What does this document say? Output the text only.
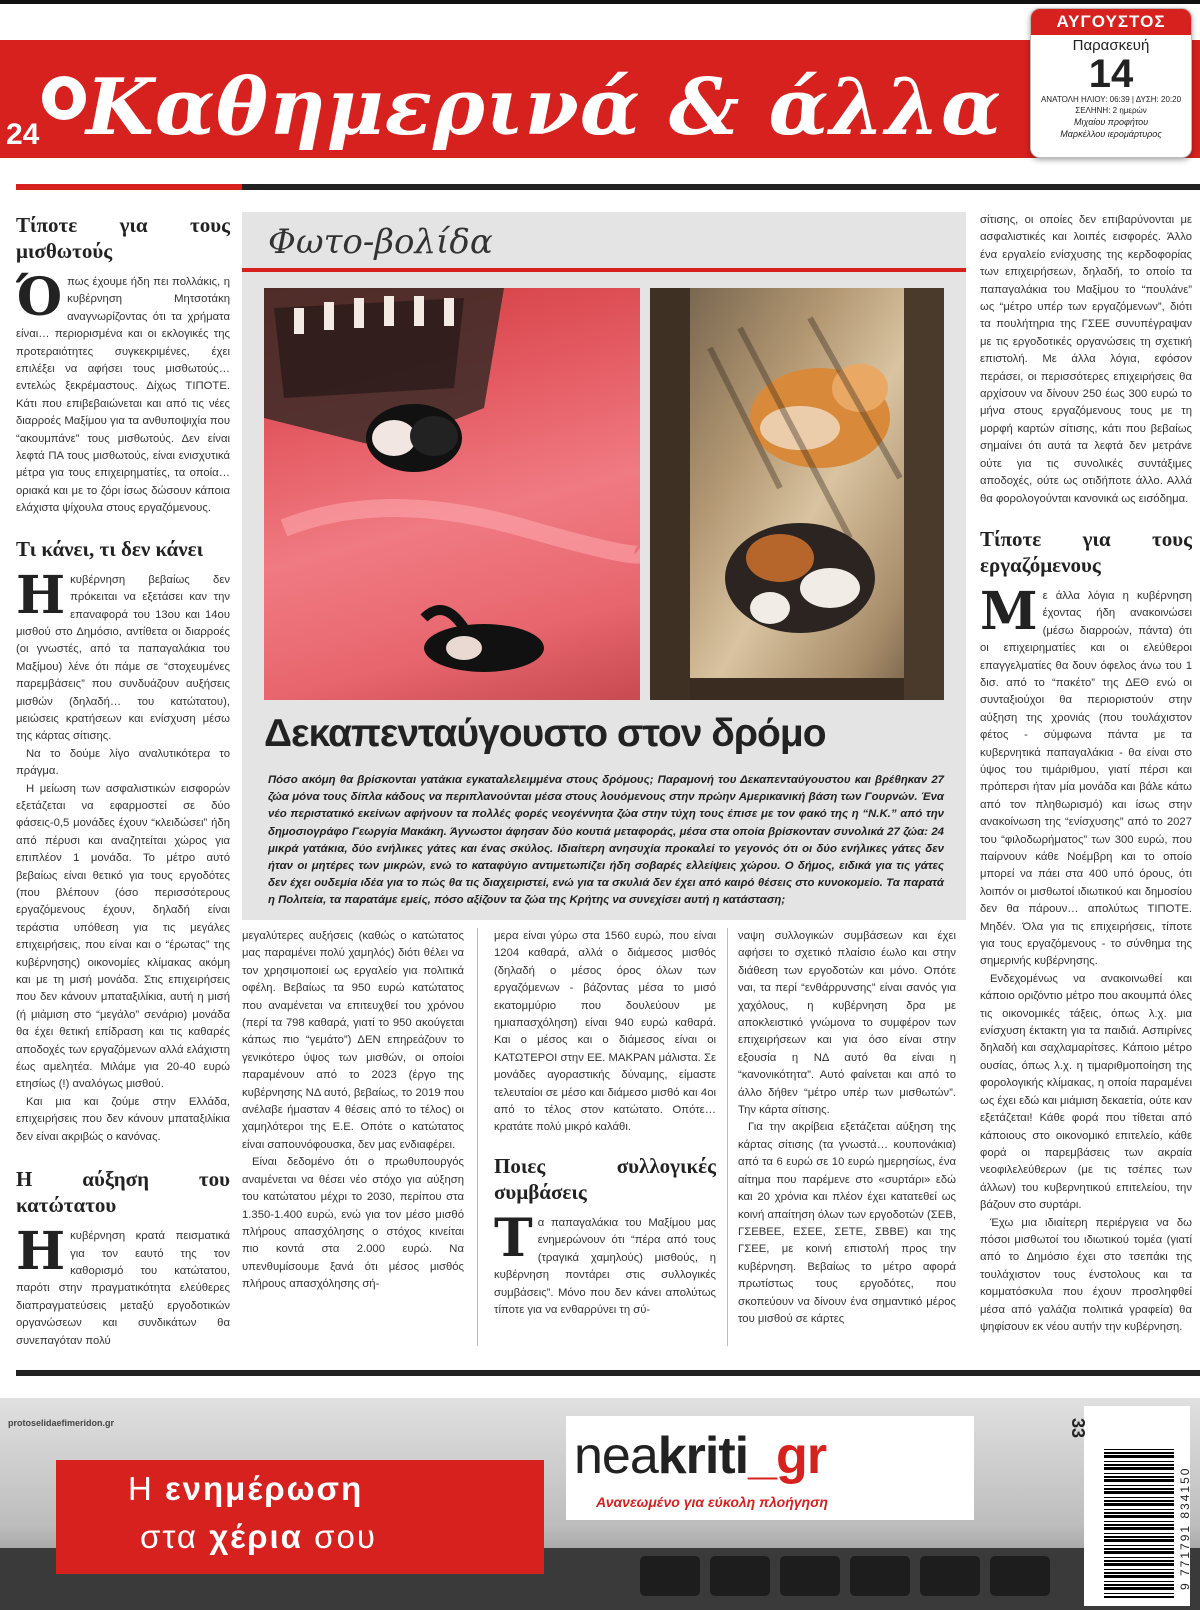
24 Καθημερινά & άλλα
ΑΥΓΟΥΣΤΟΣ
Παρασκευή
14
ΑΝΑΤΟΛΗ ΗΛΙΟΥ: 06:39 | ΔΥΣΗ: 20:20
ΣΕΛΗΝΗ: 2 ημερών
Μιχαίου προφήτου
Μαρκέλλου ιερομάρτυρος
Τίποτε για τους μισθωτούς

Όπως έχουμε ήδη πει πολλάκις, η κυβέρνηση Μητσοτάκη αναγνωρίζοντας ότι τα χρήματα είναι… περιορισμένα και οι εκλογικές της προτεραιότητες συγκεκριμένες, έχει επιλέξει να αφήσει τους μισθωτούς… εντελώς ξεκρέμαστους. Δίχως ΤΙΠΟΤΕ. Κάτι που επιβεβαιώνεται και από τις νέες διαρροές Μαξίμου για τα ανθυποψιχία που “ακουμπάνε” τους μισθωτούς. Δεν είναι λεφτά ΠΑ τους μισθωτούς, είναι ενισχυτικά μέτρα για τους επιχειρηματίες, τα οποία… οριακά και με το ζόρι ίσως δώσουν κάποια ελάχιστα ψίχουλα στους εργαζόμενους.

Τι κάνει, τι δεν κάνει

Ηκυβέρνηση βεβαίως δεν πρόκειται να εξετάσει καν την επαναφορά του 13ου και 14ου μισθού στο Δημόσιο, αντίθετα οι διαρροές (οι γνωστές, από τα παπαγαλάκια του Μαξίμου) λένε ότι πάμε σε “στοχευμένες παρεμβάσεις” που συνδυάζουν αυξήσεις μισθών (δηλαδή… του κατώτατου), μειώσεις κρατήσεων και ενίσχυση μέσω της κάρτας σίτισης.

Να το δούμε λίγο αναλυτικότερα το πράγμα.

Η μείωση των ασφαλιστικών εισφορών εξετάζεται να εφαρμοστεί σε δύο φάσεις-0,5 μονάδες έχουν “κλειδώσει” ήδη από πέρυσι και αναζητείται χώρος για επιπλέον 1 μονάδα. Το μέτρο αυτό βεβαίως είναι θετικό για τους εργοδότες (που βλέπουν (όσο περισσότερους εργαζόμενους έχουν, δηλαδή είναι τεράστια υπόθεση για τις μεγάλες επιχειρήσεις, που είναι και ο “έρωτας” της κυβέρνησης) οικονομίες κλίμακας ακόμη και με τη μισή μονάδα. Στις επιχειρήσεις που δεν κάνουν μπαταξιλίκια, αυτή η μισή (ή μιάμιση στο “μεγάλο” σενάριο) μονάδα θα έχει θετική επίδραση και τις καθαρές αποδοχές των εργαζόμενων αλλά ελάχιστη έως αμελητέα. Μιλάμε για 20-40 ευρώ ετησίως (!) αναλόγως μισθού.

Και μια και ζούμε στην Ελλάδα, επιχειρήσεις που δεν κάνουν μπαταξιλίκια δεν είναι ακριβώς ο κανόνας.

Η αύξηση του κατώτατου

Ηκυβέρνηση κρατά πεισματικά για τον εαυτό της τον καθορισμό του κατώτατου, παρότι στην πραγματικότητα ελεύθερες διαπραγματεύσεις μεταξύ εργοδοτικών οργανώσεων και συνδικάτων θα συνεπαγόταν πολύ

Φωτο-βολίδα
Δεκαπενταύγουστο στον δρόμο
Πόσο ακόμη θα βρίσκονται γατάκια εγκαταλελειμμένα στους δρόμους; Παραμονή του Δεκαπενταύγουστου και βρέθηκαν 27 ζώα μόνα τους δίπλα κάδους να περιπλανούνται μέσα στους λουόμενους στην πρώην Αμερικανική βάση των Γουρνών. Ένα νέο περιστατικό εκείνων αφήνουν τα πολλές φορές νεογέννητα ζώα στην τύχη τους έπισε με τον φακό της η “Ν.Κ.” από την δημοσιογράφο Γεωργία Μακάκη. Άγνωστοι άφησαν δύο κουτιά μεταφοράς, μέσα στα οποία βρίσκονταν συνολικά 27 ζώα: 24 μικρά γατάκια, δύο ενήλικες γάτες και ένας σκύλος. Ιδιαίτερη ανησυχία προκαλεί το γεγονός ότι οι δύο ενήλικες γάτες δεν ήταν οι μητέρες των μικρών, ενώ το καταφύγιο αντιμετωπίζει ήδη σοβαρές ελλείψεις χώρου. Ο δήμος, ειδικά για τις γάτες δεν έχει ουδεμία ιδέα για το πώς θα τις διαχειριστεί, ενώ για τα σκυλιά δεν έχει από καιρό θέσεις στο κυνοκομείο. Τα παρατά η Πολιτεία, τα παρατάμε εμείς, πόσο αξίζουν τα ζώα της Κρήτης να συνεχίσει αυτή η κατάσταση;

μεγαλύτερες αυξήσεις (καθώς ο κατώτατος μας παραμένει πολύ χαμηλός) διότι θέλει να τον χρησιμοποιεί ως εργαλείο για πολιτικά οφέλη. Βεβαίως τα 950 ευρώ κατώτατος που αναμένεται να επιτευχθεί του χρόνου (περί τα 798 καθαρά, γιατί το 950 ακούγεται κάπως πιο “γεμάτο”) ΔΕΝ επηρεάζουν το γενικότερο ύψος των μισθών, οι οποίοι παραμένουν από το 2023 (έργο της κυβέρνησης ΝΔ αυτό, βεβαίως, το 2019 που ανέλαβε ήμασταν 4 θέσεις από το τέλος) οι χαμηλότεροι της Ε.Ε. Οπότε ο κατώτατος είναι σαπουνόφουσκα, δεν μας ενδιαφέρει.

Είναι δεδομένο ότι ο πρωθυπουργός αναμένεται να θέσει νέο στόχο για αύξηση του κατώτατου μέχρι το 2030, περίπου στα 1.350-1.400 ευρώ, ενώ για τον μέσο μισθό πλήρους απασχόλησης ο στόχος κινείται πιο κοντά στα 2.000 ευρώ. Να υπενθυμίσουμε ξανά ότι μέσος μισθός πλήρους απασχόλησης σή-

μερα είναι γύρω στα 1560 ευρώ, που είναι 1204 καθαρά, αλλά ο διάμεσος μισθός (δηλαδή ο μέσος όρος όλων των εργαζόμενων - βάζοντας μέσα το μισό εκατομμύριο που δουλεύουν με ημιαπασχόληση) είναι 940 ευρώ καθαρά. Και ο μέσος και ο διάμεσος είναι οι ΚΑΤΩΤΕΡΟΙ στην ΕΕ. ΜΑΚΡΑΝ μάλιστα. Σε μονάδες αγοραστικής δύναμης, είμαστε τελευταίοι σε μέσο και διάμεσο μισθό και 4οι από το τέλος στον κατώτατο. Οπότε… κρατάτε πολύ μικρό καλάθι.

Ποιες συλλογικές συμβάσεις

Τα παπαγαλάκια του Μαξίμου μας ενημερώνουν ότι “πέρα από τους (τραγικά χαμηλούς) μισθούς, η κυβέρνηση ποντάρει στις συλλογικές συμβάσεις”. Μόνο που δεν κάνει απολύτως τίποτε για να ενθαρρύνει τη σύ-

ναψη συλλογικών συμβάσεων και έχει αφήσει το σχετικό πλαίσιο έωλο και στην διάθεση των εργοδοτών και μόνο. Οπότε ναι, τα περί “ενθάρρυνσης” είναι σανός για χαχόλους, η κυβέρνηση δρα με αποκλειστικό γνώμονα το συμφέρον των επιχειρήσεων και για όσο είναι στην εξουσία η ΝΔ αυτό θα είναι η “κανονικότητα”. Αυτό φαίνεται και από το άλλο δήθεν “μέτρο υπέρ των μισθωτών”. Την κάρτα σίτισης.

Για την ακρίβεια εξετάζεται αύξηση της κάρτας σίτισης (τα γνωστά… κουπονάκια) από τα 6 ευρώ σε 10 ευρώ ημερησίως, ένα αίτημα που παρέμενε στο «συρτάρι» εδώ και 20 χρόνια και πλέον έχει κατατεθεί ως κοινή απαίτηση όλων των εργοδοτών (ΣΕΒ, ΓΣΕΒΕΕ, ΕΣΕΕ, ΣΕΤΕ, ΣΒΒΕ) και της ΓΣΕΕ, με κοινή επιστολή προς την κυβέρνηση. Βεβαίως το μέτρο αφορά πρωτίστως τους εργοδότες, που σκοπεύουν να δίνουν ένα σημαντικό μέρος του μισθού σε κάρτες

σίτισης, οι οποίες δεν επιβαρύνονται με ασφαλιστικές και λοιπές εισφορές. Άλλο ένα εργαλείο ενίσχυσης της κερδοφορίας των επιχειρήσεων, δηλαδή, το οποίο τα παπαγαλάκια του Μαξίμου το “πουλάνε” ως “μέτρο υπέρ των εργαζόμενων”, διότι τα πουλήτηρια της ΓΣΕΕ συνυπέγραψαν με τις εργοδοτικές οργανώσεις τη σχετική επιστολή. Με άλλα λόγια, εφόσον περάσει, οι περισσότερες επιχειρήσεις θα αρχίσουν να δίνουν 250 έως 300 ευρώ το μήνα στους εργαζόμενους τους με τη μορφή καρτών σίτισης, κάτι που βεβαίως σημαίνει ότι αυτά τα λεφτά δεν μετράνε ούτε για τις συνολικές συντάξιμες αποδοχές, ούτε ως οτιδήποτε άλλο. Αλλά θα φορολογούνται κανονικά ως εισόδημα.

Τίποτε για τους εργαζόμενους

Με άλλα λόγια η κυβέρνηση έχοντας ήδη ανακοινώσει (μέσω διαρροών, πάντα) ότι οι επιχειρηματίες και οι ελεύθεροι επαγγελματίες θα δουν όφελος άνω του 1 δισ. από το “πακέτο” της ΔΕΘ ενώ οι συνταξιούχοι θα περιοριστούν στην αύξηση της χρονιάς (που τουλάχιστον φέτος - σύμφωνα πάντα με τα κυβερνητικά παπαγαλάκια - θα είναι στο ύψος του τιμάριθμου, γιατί πέρσι και πρόπερσι ήταν μία μονάδα και βάλε κάτω από τον πληθωρισμό) και ίσως στην ανακοίνωση της “ενίσχυσης” από το 2027 του “φιλοδωρήματος” των 300 ευρώ, που παίρνουν κάθε Νοέμβρη και το οποίο μπορεί να πάει στα 400 υπό όρους, ότι λοιπόν οι μισθωτοί ιδιωτικού και δημοσίου δεν θα πάρουν… απολύτως ΤΙΠΟΤΕ. Μηδέν. Όλα για τις επιχειρήσεις, τίποτε για τους εργαζόμενους - το σύνθημα της σημερινής κυβέρνησης.

Ενδεχομένως να ανακοινωθεί και κάποιο οριζόντιο μέτρο που ακουμπά όλες τις οικονομικές τάξεις, όπως λ.χ. μια ενίσχυση έκτακτη για τα παιδιά. Ασπιρίνες δηλαδή και σαχλαμαρίτσες. Κάποιο μέτρο ουσίας, όπως λ.χ. η τιμαριθμοποίηση της φορολογικής κλίμακας, η οποία παραμένει ως έχει εδώ και μιάμιση δεκαετία, ούτε καν εξετάζεται! Κάθε φορά που τίθεται από κάποιους στο οικονομικό επιτελείο, κάθε φορά οι παρεμβάσεις των ακραία νεοφιλελεύθερων (με τις τσέπες των άλλων) του κυβερνητικού επιτελείου, την βάζουν στο συρτάρι.

Έχω μια ιδιαίτερη περιέργεια να δω πόσοι μισθωτοί του ιδιωτικού τομέα (γιατί από το Δημόσιο έχει στο τσεπάκι της τουλάχιστον τους ένστολους και τα κομματόσκυλα που έχουν προσληφθεί μέσα από γαλάζια πολιτικά γραφεία) θα ψηφίσουν εκ νέου αυτήν την κυβέρνηση.

protoselidaefimeridon.gr
Η ενημέρωση
στα χέρια σου
neakriti_gr
Ανανεωμένο για εύκολη πλοήγηση
33
9 771791 834150
